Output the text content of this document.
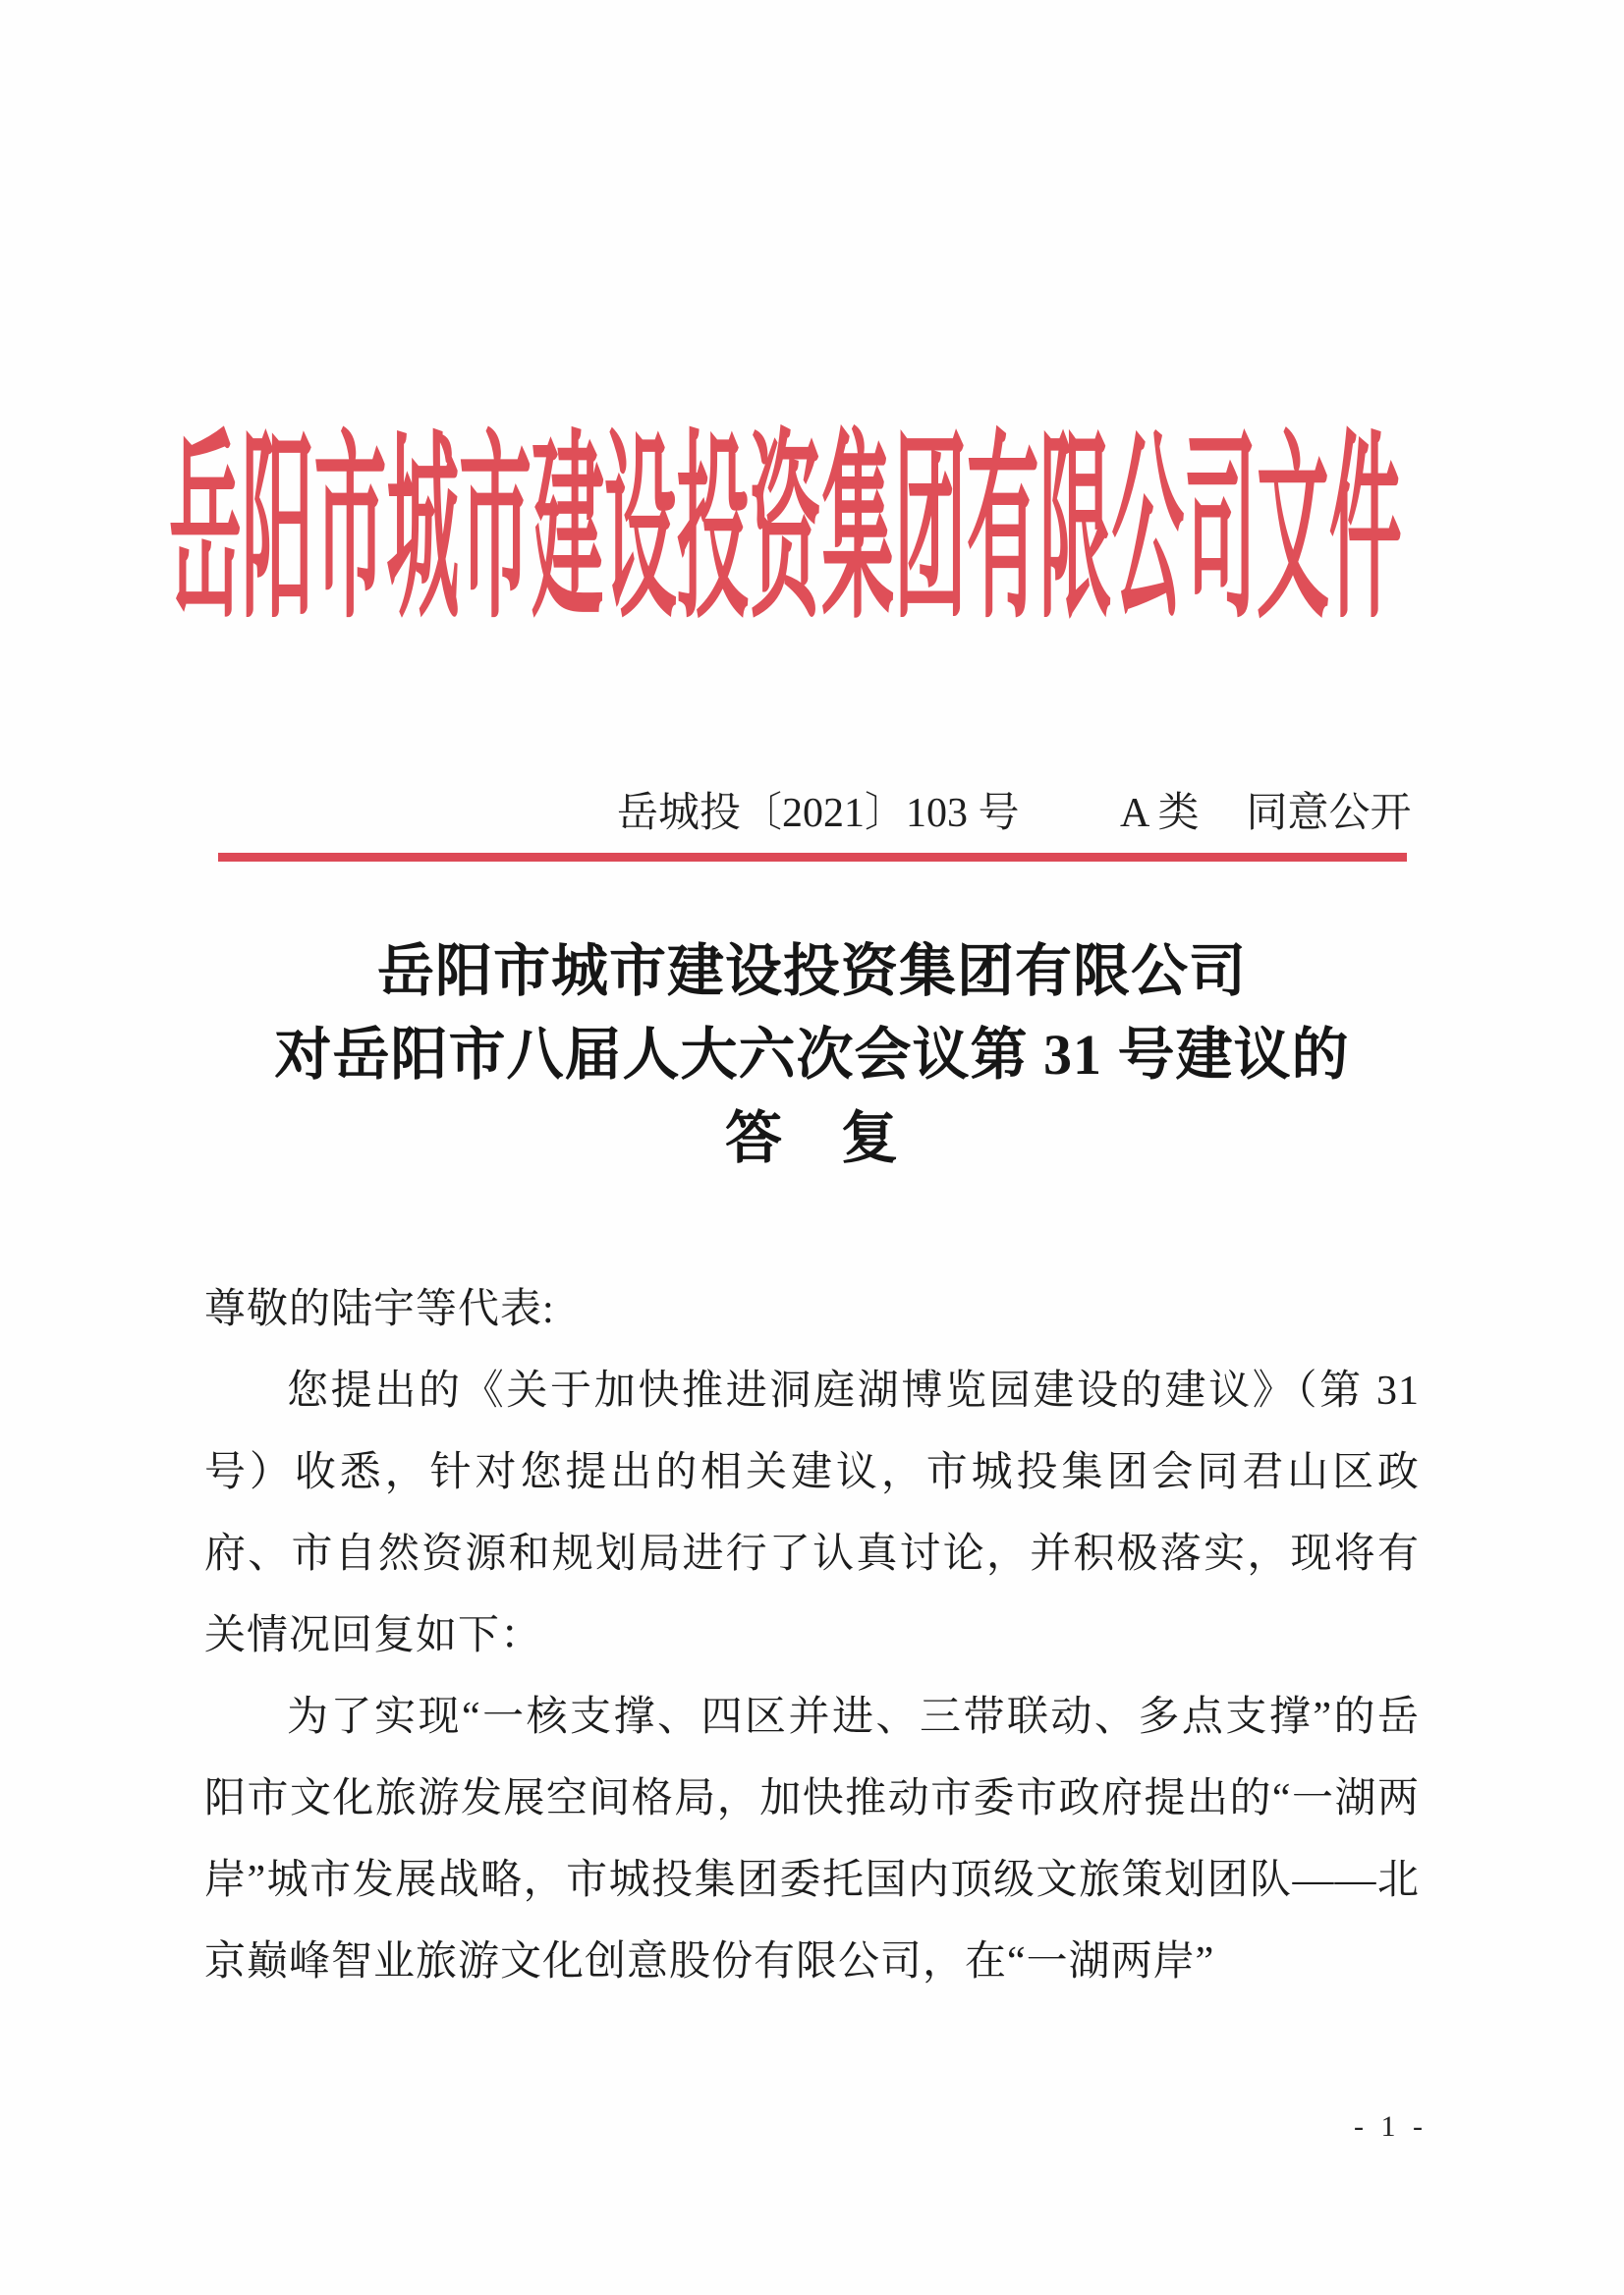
岳阳市城市建设投资集团有限公司文件
岳城投〔2021〕103 号 A 类 同意公开
岳阳市城市建设投资集团有限公司
对岳阳市八届人大六次会议第 31 号建议的
答　复

尊敬的陆宇等代表:

您提出的《关于加快推进洞庭湖博览园建设的建议》（第 31 号）收悉，针对您提出的相关建议，市城投集团会同君山区政府、市自然资源和规划局进行了认真讨论，并积极落实，现将有关情况回复如下：

为了实现“一核支撑、四区并进、三带联动、多点支撑”的岳阳市文化旅游发展空间格局，加快推动市委市政府提出的“一湖两岸”城市发展战略，市城投集团委托国内顶级文旅策划团队——北京巅峰智业旅游文化创意股份有限公司，在“一湖两岸”

- 1 -
